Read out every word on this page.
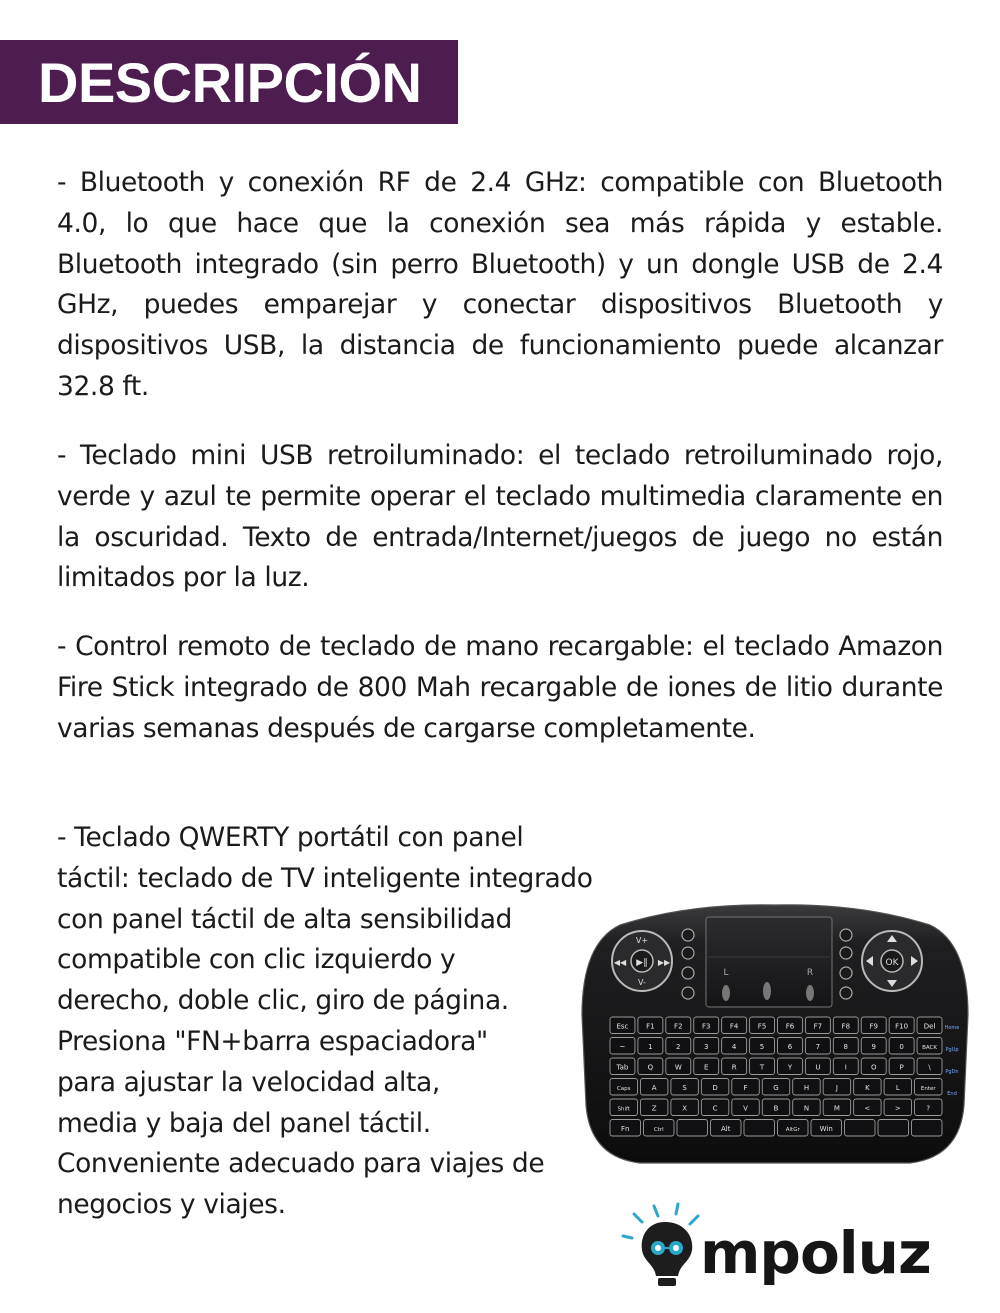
DESCRIPCIÓN

- Bluetooth y conexión RF de 2.4 GHz: compatible con Bluetooth 4.0, lo que hace que la conexión sea más rápida y estable. Bluetooth integrado (sin perro Bluetooth) y un dongle USB de 2.4 GHz, puedes emparejar y conectar dispositivos Bluetooth y dispositivos USB, la distancia de funcionamiento puede alcanzar 32.8 ft.

- Teclado mini USB retroiluminado: el teclado retroiluminado rojo, verde y azul te permite operar el teclado multimedia claramente en la oscuridad. Texto de entrada/Internet/juegos de juego no están limitados por la luz.

- Control remoto de teclado de mano recargable: el teclado Amazon Fire Stick integrado de 800 Mah recargable de iones de litio durante varias semanas después de cargarse completamente.

- Teclado QWERTY portátil con panel
táctil: teclado de TV inteligente integrado
con panel táctil de alta sensibilidad
compatible con clic izquierdo y
derecho, doble clic, giro de página.
Presiona "FN+barra espaciadora"
para ajustar la velocidad alta,
media y baja del panel táctil.
Conveniente adecuado para viajes de
negocios y viajes.

▶‖
V+
V-
◀◀	▶▶	OK
L	R
Esc	F1	F2	F3	F4	F5	F6	F7	F8	F9 F10 Del
~	1	2	3	4	5	6	7	8	9	0	BACK
Tab	Q	W	E	R	T	Y	U	I	O	P	\
Caps	A	S	D	F	G	H	J	K	L	Enter
Shift	Z	X	C	V	B	N	M	<	>	?
Fn	Ctrl	Alt	AltGr	Win
Home
PgUp
PgDn
End

mpoluz
